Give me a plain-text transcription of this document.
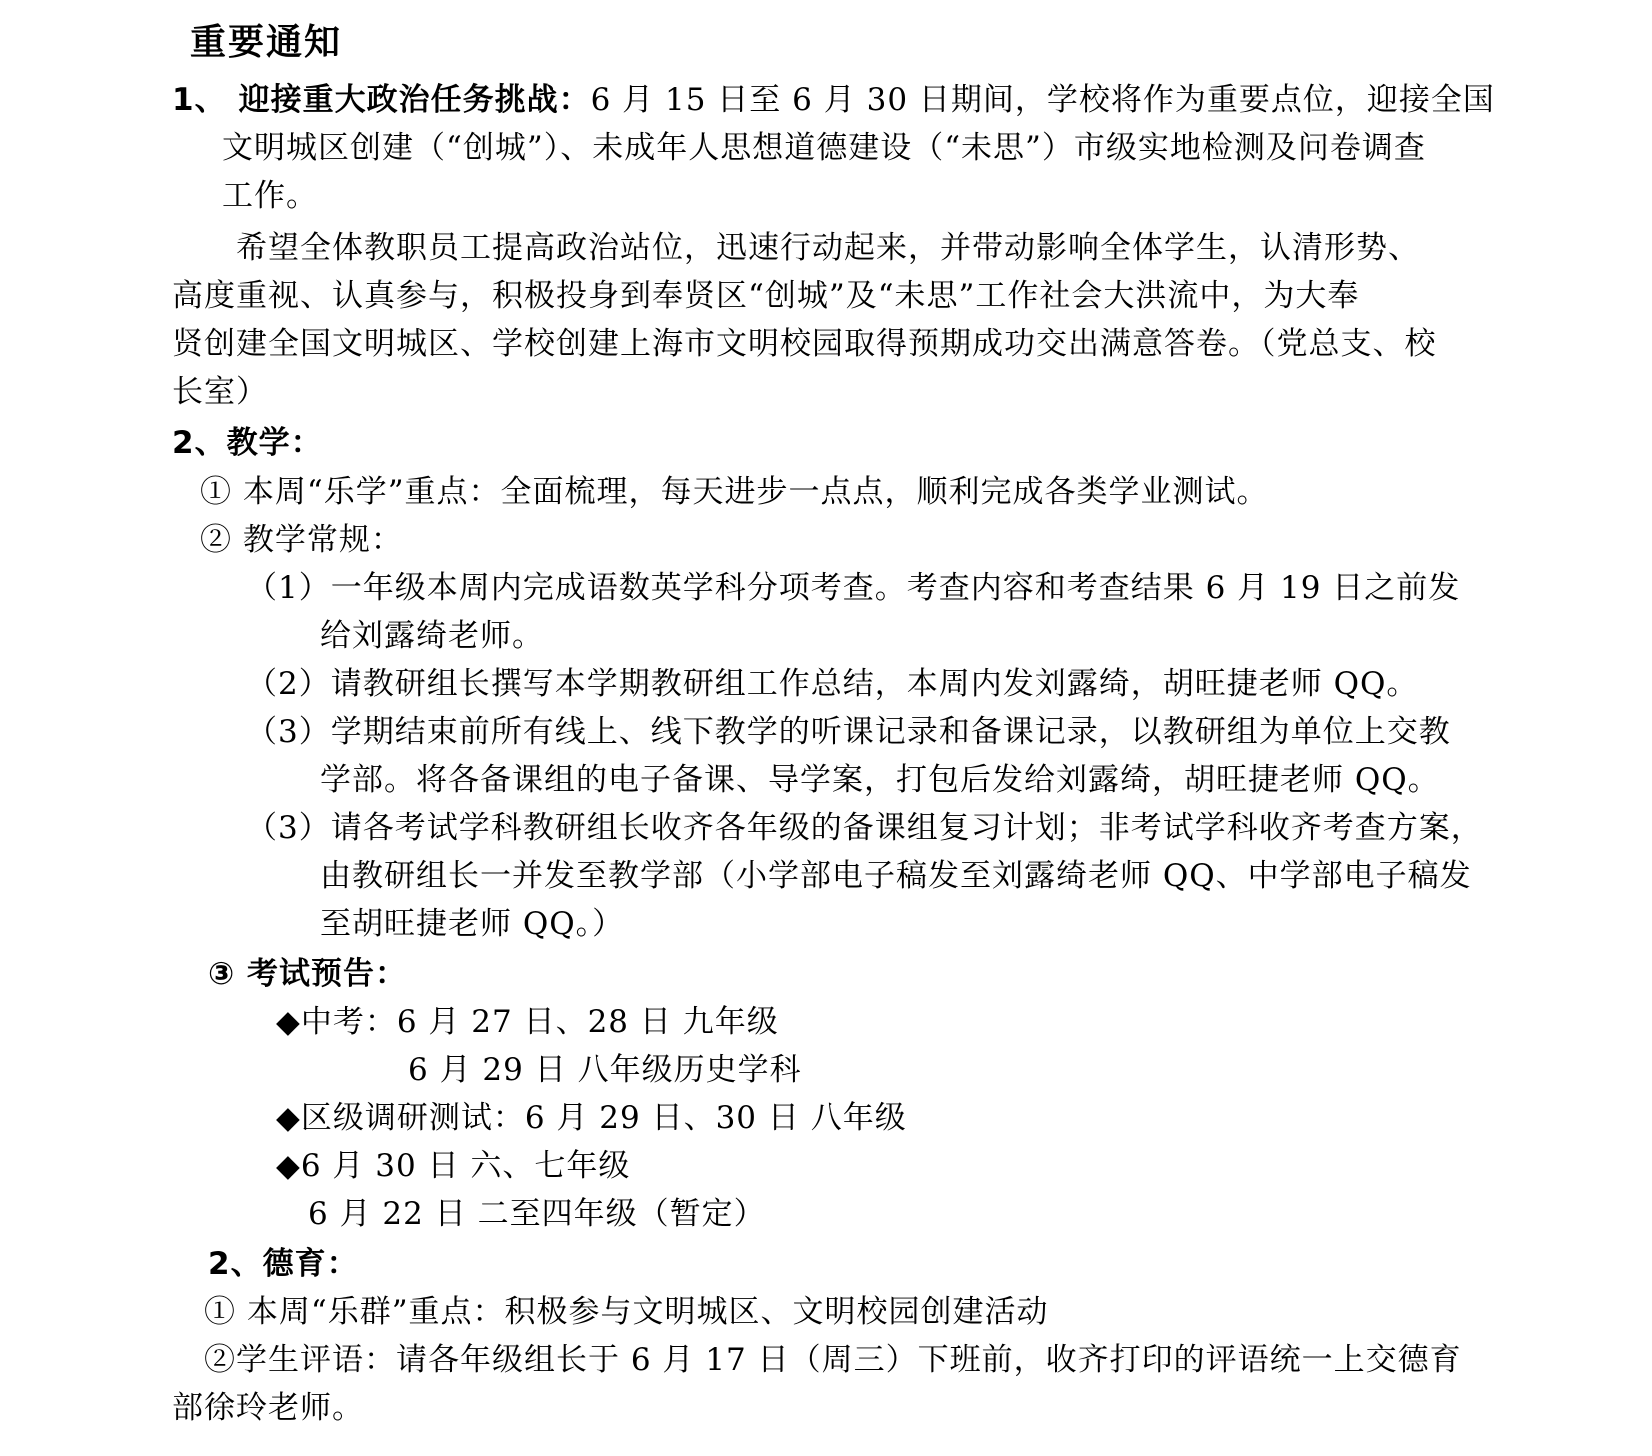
重要通知
1、 迎接重大政治任务挑战：6 月 15 日至 6 月 30 日期间，学校将作为重要点位，迎接全国
文明城区创建（“创城”）、未成年人思想道德建设（“未思”）市级实地检测及问卷调查
工作。
希望全体教职员工提高政治站位，迅速行动起来，并带动影响全体学生，认清形势、
高度重视、认真参与，积极投身到奉贤区“创城”及“未思”工作社会大洪流中，为大奉
贤创建全国文明城区、学校创建上海市文明校园取得预期成功交出满意答卷。（党总支、校
长室）
2、教学：
① 本周“乐学”重点：全面梳理，每天进步一点点，顺利完成各类学业测试。
② 教学常规：
（1）一年级本周内完成语数英学科分项考查。考查内容和考查结果 6 月 19 日之前发
给刘露绮老师。
（2）请教研组长撰写本学期教研组工作总结，本周内发刘露绮，胡旺捷老师 QQ。
（3）学期结束前所有线上、线下教学的听课记录和备课记录，以教研组为单位上交教
学部。将各备课组的电子备课、导学案，打包后发给刘露绮，胡旺捷老师 QQ。
（3）请各考试学科教研组长收齐各年级的备课组复习计划；非考试学科收齐考查方案，
由教研组长一并发至教学部（小学部电子稿发至刘露绮老师 QQ、中学部电子稿发
至胡旺捷老师 QQ。）
③ 考试预告：
◆中考：6 月 27 日、28 日 九年级
6 月 29 日 八年级历史学科
◆区级调研测试：6 月 29 日、30 日 八年级
◆6 月 30 日 六、七年级
6 月 22 日 二至四年级（暂定）
2、德育：
① 本周“乐群”重点：积极参与文明城区、文明校园创建活动
②学生评语：请各年级组长于 6 月 17 日（周三）下班前，收齐打印的评语统一上交德育
部徐玲老师。
